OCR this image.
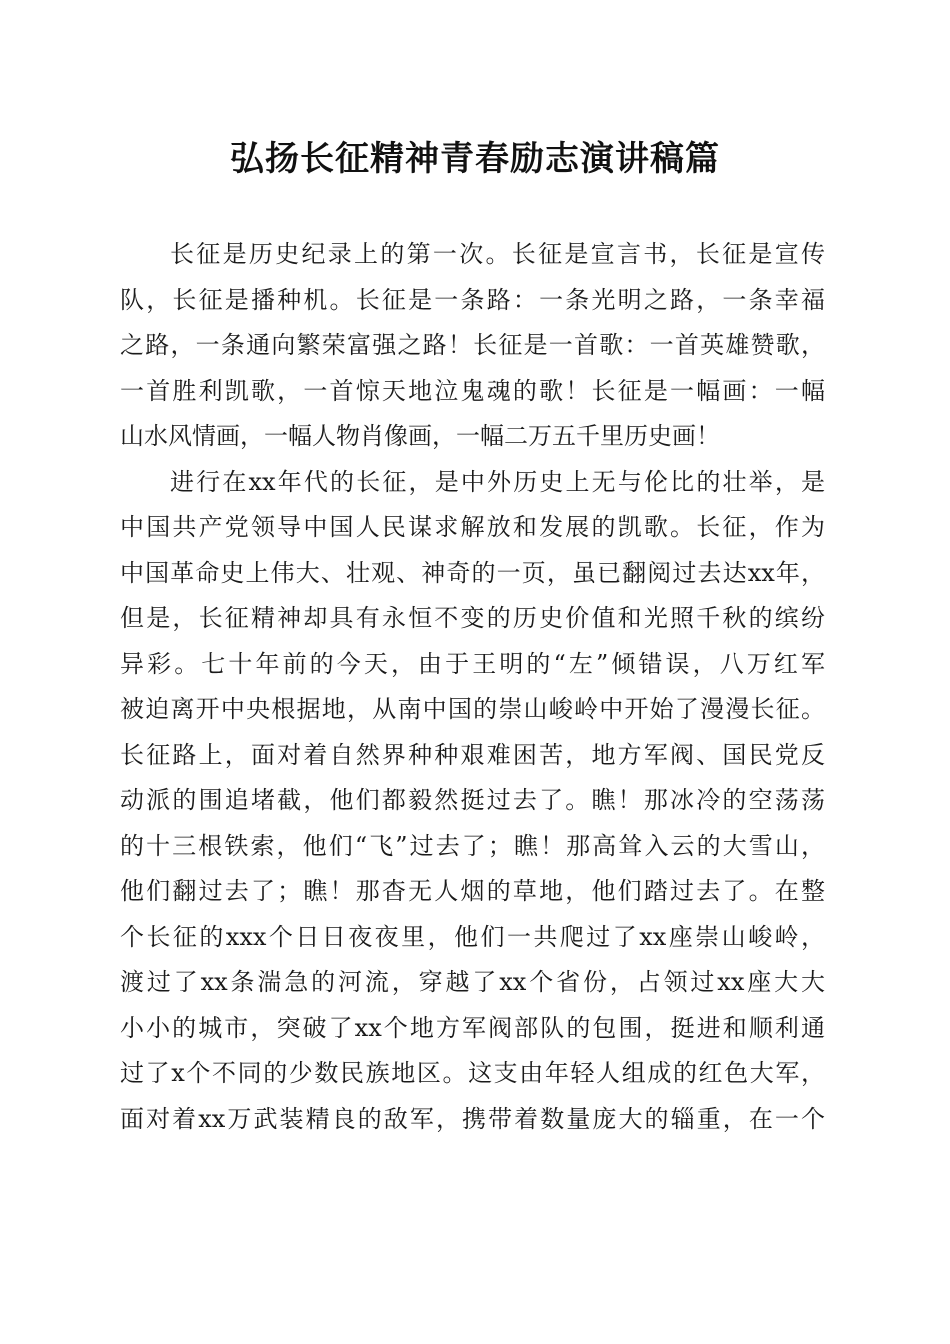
弘扬长征精神青春励志演讲稿篇
长征是历史纪录上的第一次。长征是宣言书，长征是宣传
队，长征是播种机。长征是一条路：一条光明之路，一条幸福
之路，一条通向繁荣富强之路！长征是一首歌：一首英雄赞歌，
一首胜利凯歌，一首惊天地泣鬼魂的歌！长征是一幅画：一幅
山水风情画，一幅人物肖像画，一幅二万五千里历史画！
进行在xx年代的长征，是中外历史上无与伦比的壮举，是
中国共产党领导中国人民谋求解放和发展的凯歌。长征，作为
中国革命史上伟大、壮观、神奇的一页，虽已翻阅过去达xx年，
但是，长征精神却具有永恒不变的历史价值和光照千秋的缤纷
异彩。七十年前的今天，由于王明的“左”倾错误，八万红军
被迫离开中央根据地，从南中国的崇山峻岭中开始了漫漫长征。
长征路上，面对着自然界种种艰难困苦，地方军阀、国民党反
动派的围追堵截，他们都毅然挺过去了。瞧！那冰冷的空荡荡
的十三根铁索，他们“飞”过去了；瞧！那高耸入云的大雪山，
他们翻过去了；瞧！那杳无人烟的草地，他们踏过去了。在整
个长征的xxx个日日夜夜里，他们一共爬过了xx座崇山峻岭，
渡过了xx条湍急的河流，穿越了xx个省份，占领过xx座大大
小小的城市，突破了xx个地方军阀部队的包围，挺进和顺利通
过了x个不同的少数民族地区。这支由年轻人组成的红色大军，
面对着xx万武装精良的敌军，携带着数量庞大的辎重，在一个
